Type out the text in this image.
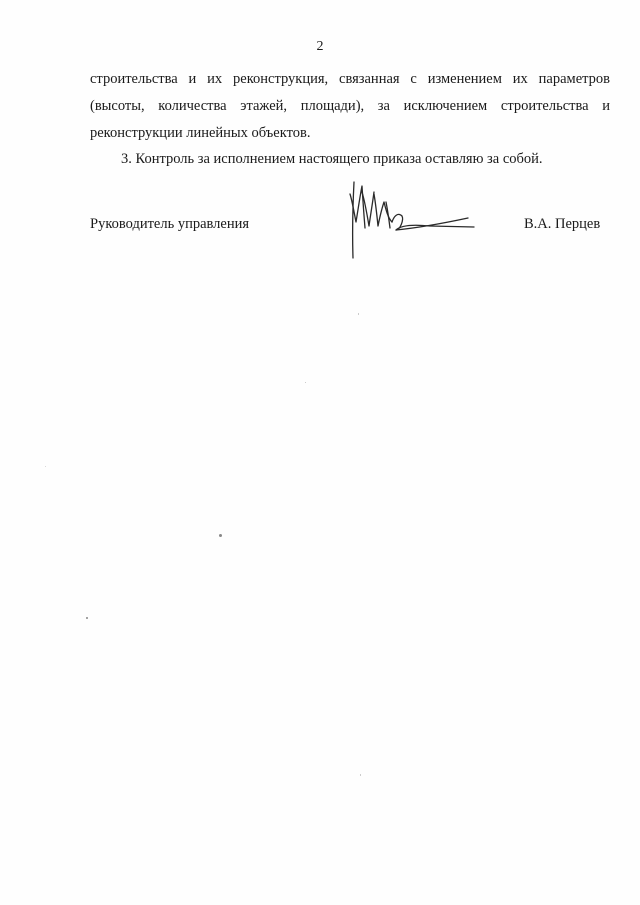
2
строительства и их реконструкция, связанная с изменением их параметров
(высоты, количества этажей, площади), за исключением строительства и
реконструкции линейных объектов.
3. Контроль за исполнением настоящего приказа оставляю за собой.
Руководитель управления	В.А. Перцев
